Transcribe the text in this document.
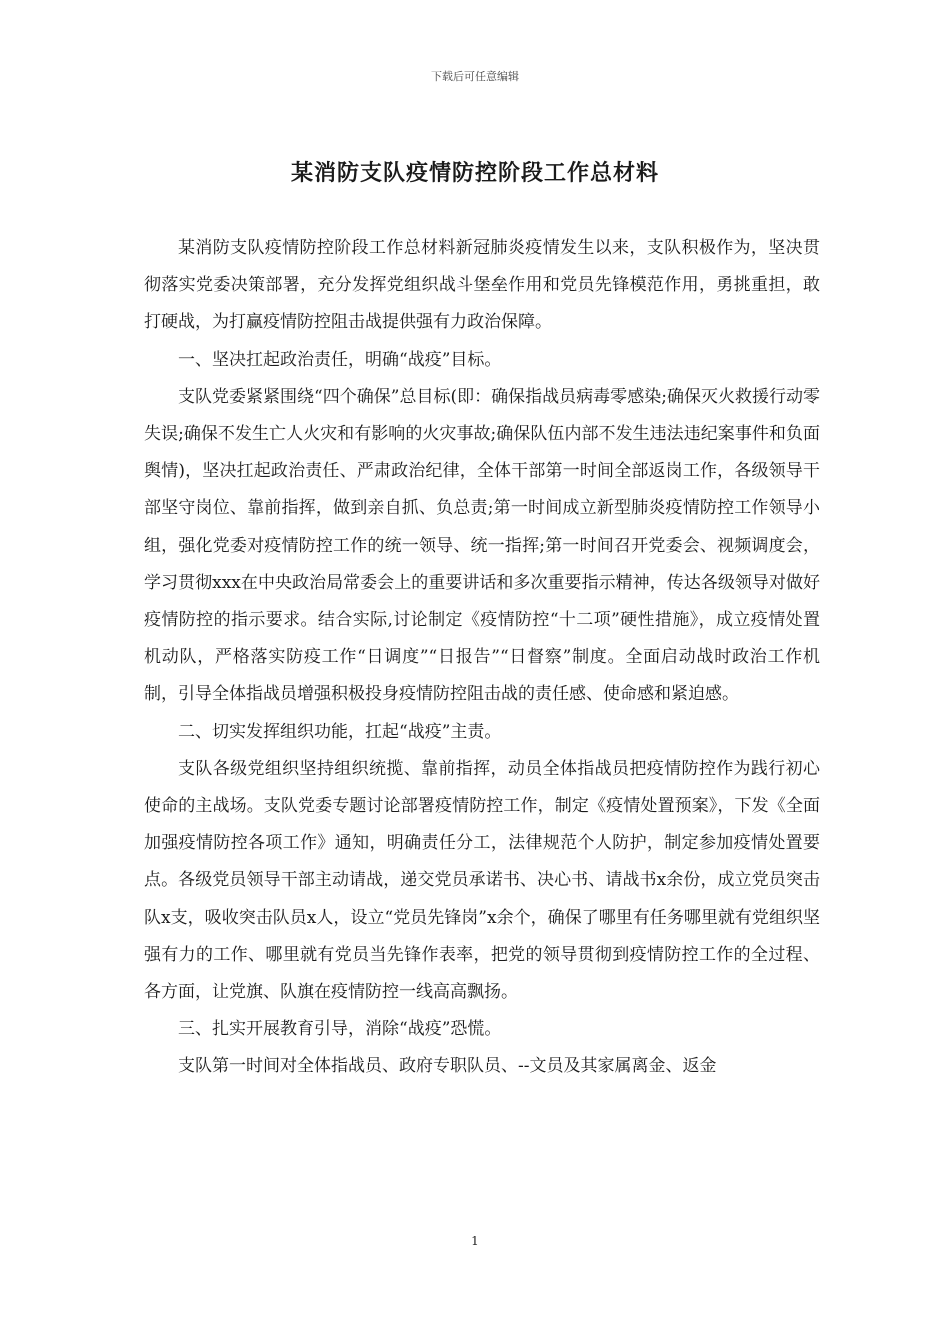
下载后可任意编辑
某消防支队疫情防控阶段工作总材料

某消防支队疫情防控阶段工作总材料新冠肺炎疫情发生以来，支队积极作为，坚决贯彻落实党委决策部署，充分发挥党组织战斗堡垒作用和党员先锋模范作用，勇挑重担，敢打硬战，为打赢疫情防控阻击战提供强有力政治保障。

一、坚决扛起政治责任，明确“战疫”目标。

支队党委紧紧围绕“四个确保”总目标(即：确保指战员病毒零感染;确保灭火救援行动零失误;确保不发生亡人火灾和有影响的火灾事故;确保队伍内部不发生违法违纪案事件和负面舆情)，坚决扛起政治责任、严肃政治纪律，全体干部第一时间全部返岗工作，各级领导干部坚守岗位、靠前指挥，做到亲自抓、负总责;第一时间成立新型肺炎疫情防控工作领导小组，强化党委对疫情防控工作的统一领导、统一指挥;第一时间召开党委会、视频调度会，学习贯彻xxx在中央政治局常委会上的重要讲话和多次重要指示精神，传达各级领导对做好疫情防控的指示要求。结合实际,讨论制定《疫情防控“十二项”硬性措施》，成立疫情处置机动队，严格落实防疫工作“日调度”“日报告”“日督察”制度。全面启动战时政治工作机制，引导全体指战员增强积极投身疫情防控阻击战的责任感、使命感和紧迫感。

二、切实发挥组织功能，扛起“战疫”主责。

支队各级党组织坚持组织统揽、靠前指挥，动员全体指战员把疫情防控作为践行初心使命的主战场。支队党委专题讨论部署疫情防控工作，制定《疫情处置预案》，下发《全面加强疫情防控各项工作》通知，明确责任分工，法律规范个人防护，制定参加疫情处置要点。各级党员领导干部主动请战，递交党员承诺书、决心书、请战书x余份，成立党员突击队x支，吸收突击队员x人，设立“党员先锋岗”x余个，确保了哪里有任务哪里就有党组织坚强有力的工作、哪里就有党员当先锋作表率，把党的领导贯彻到疫情防控工作的全过程、各方面，让党旗、队旗在疫情防控一线高高飘扬。

三、扎实开展教育引导，消除“战疫”恐慌。

支队第一时间对全体指战员、政府专职队员、--文员及其家属离金、返金

1
